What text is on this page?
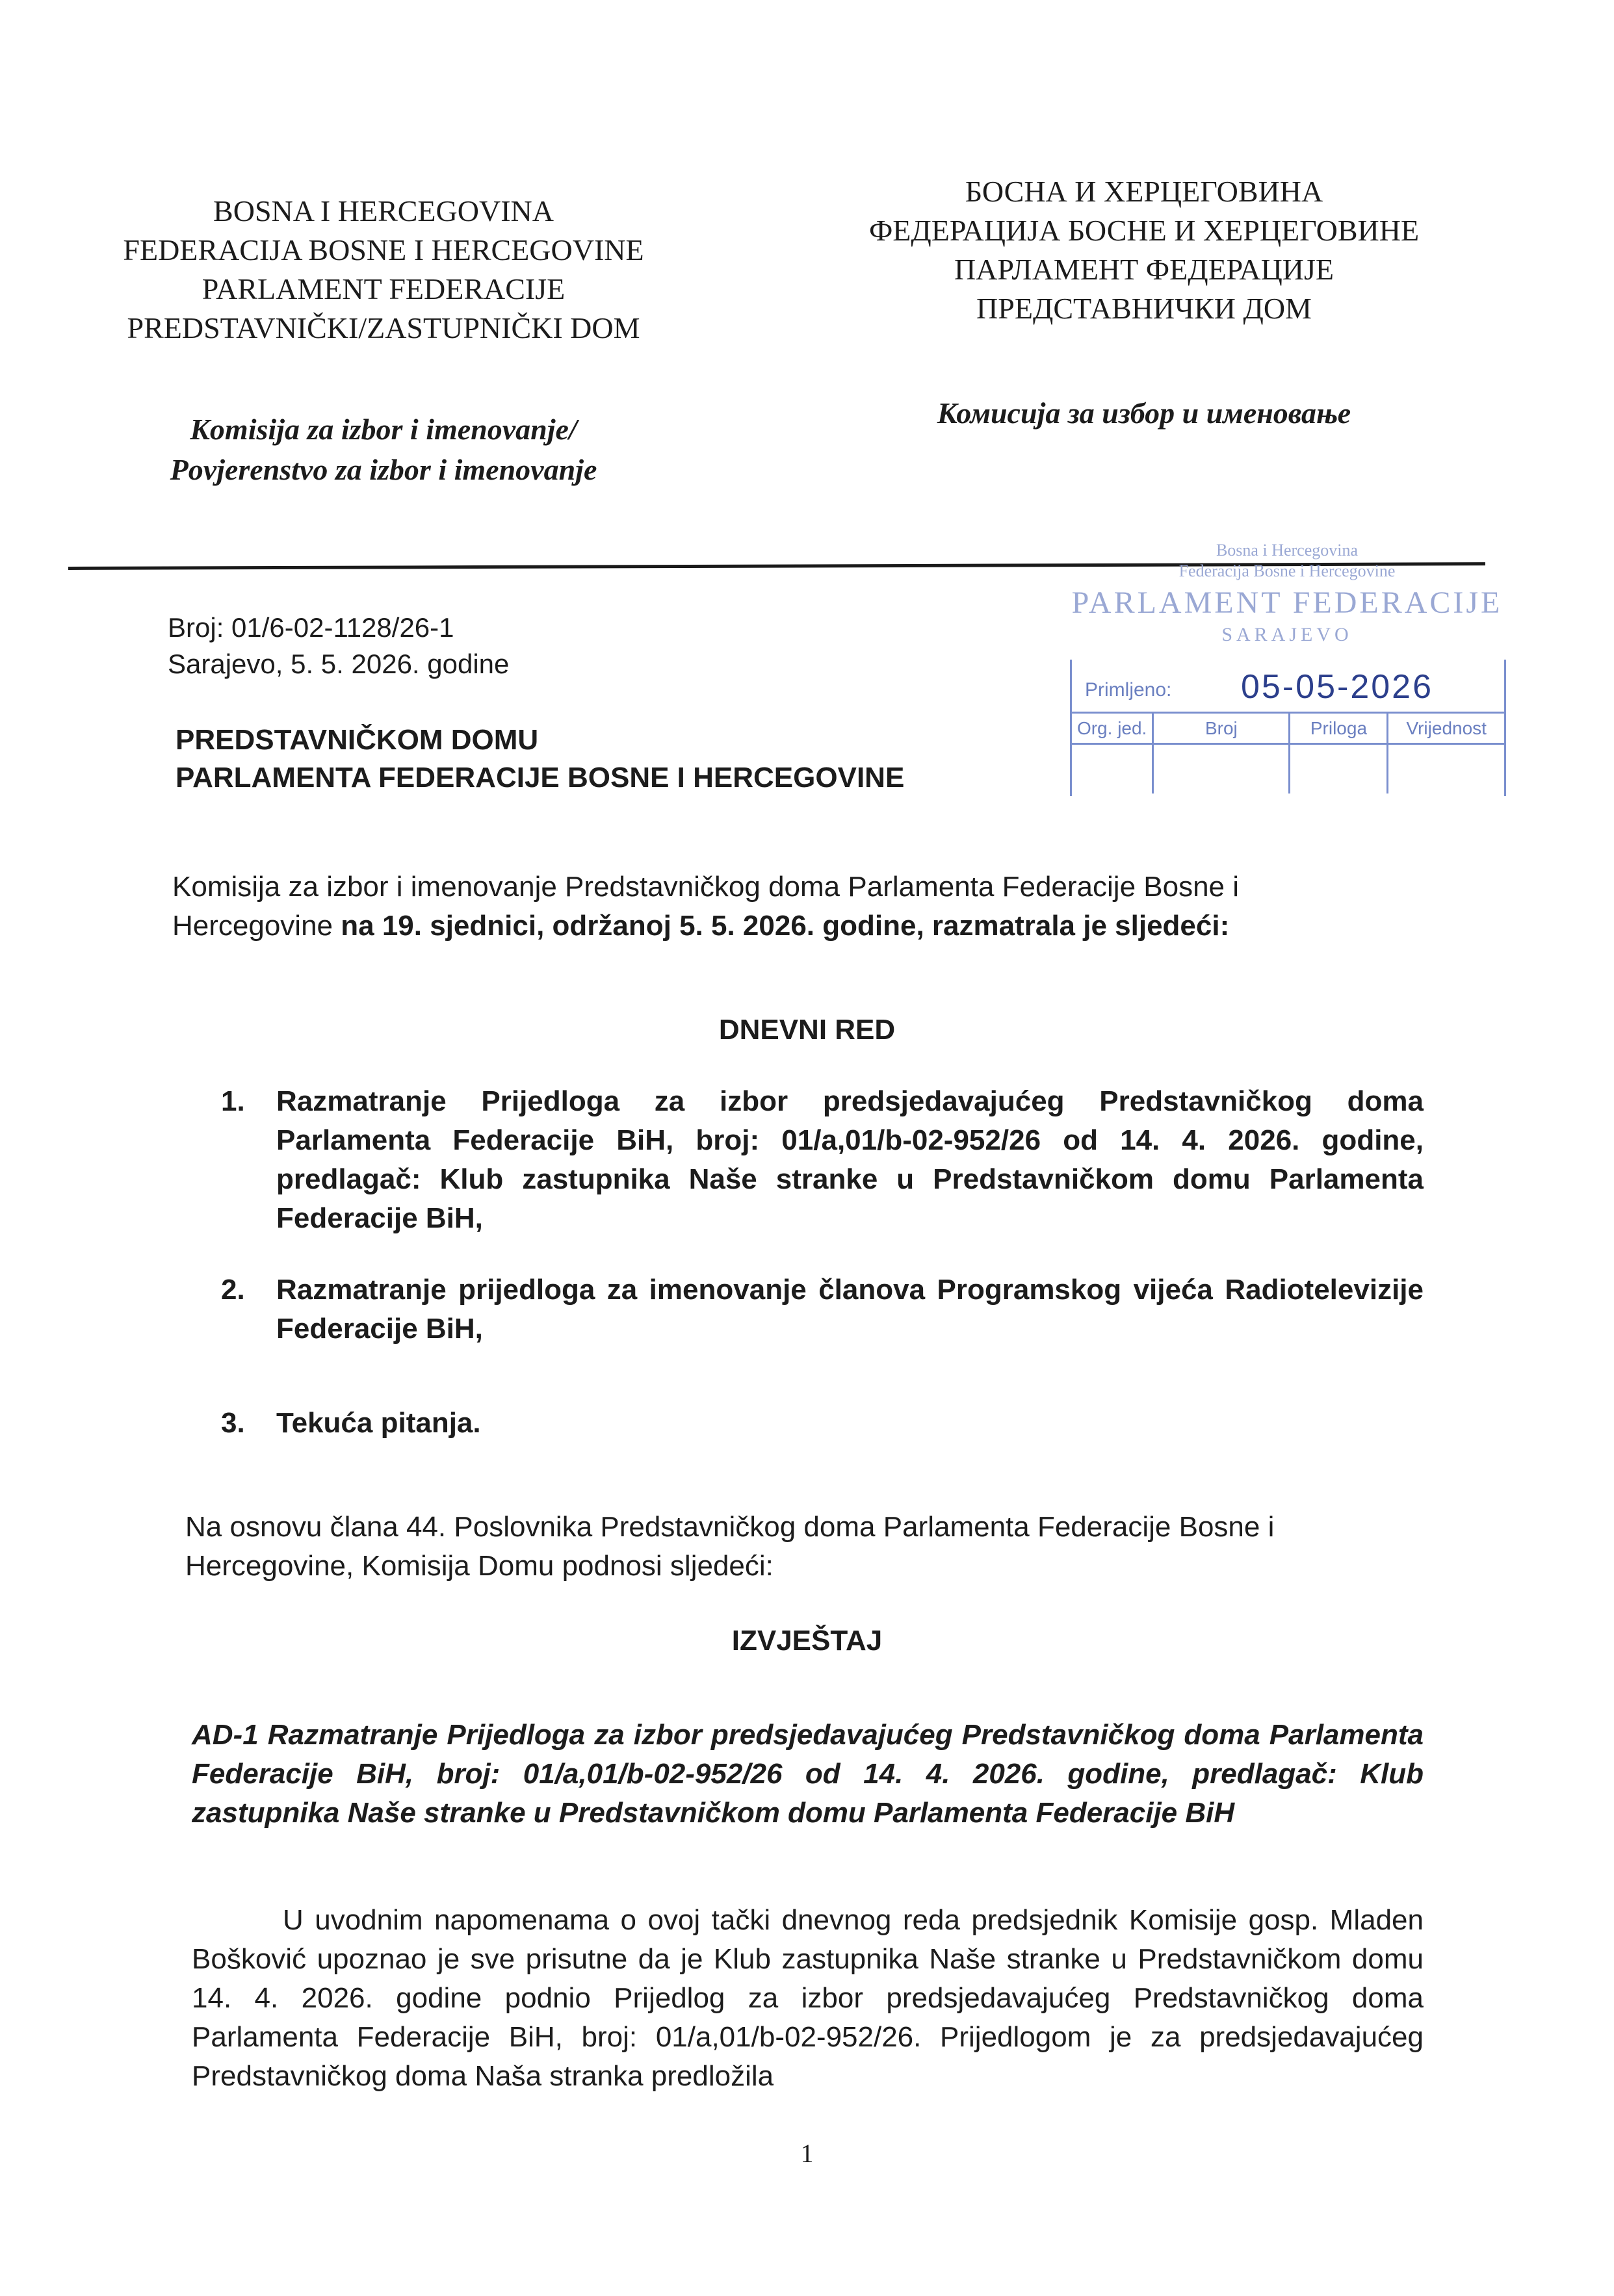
BOSNA I HERCEGOVINA
FEDERACIJA BOSNE I HERCEGOVINE
PARLAMENT FEDERACIJE
PREDSTAVNIČKI/ZASTUPNIČKI DOM
Komisija za izbor i imenovanje/
Povjerenstvo za izbor i imenovanje
БОСНА И ХЕРЦЕГОВИНА
ФЕДЕРАЦИЈА БОСНЕ И ХЕРЦЕГОВИНЕ
ПАРЛАМЕНТ ФЕДЕРАЦИЈЕ
ПРЕДСТАВНИЧКИ ДОМ
Комисија за избор и именовање
Broj: 01/6-02-1128/26-1
Sarajevo, 5. 5. 2026. godine
Bosna i Hercegovina
Federacija Bosne i Hercegovine
PARLAMENT FEDERACIJE
SARAJEVO
Primljeno: 05-05-2026
Org. jed.	Broj	Priloga	Vrijednost
PREDSTAVNIČKOM DOMU
PARLAMENTA FEDERACIJE BOSNE I HERCEGOVINE
Komisija za izbor i imenovanje Predstavničkog doma Parlamenta Federacije Bosne i Hercegovine na 19. sjednici, održanoj 5. 5. 2026. godine, razmatrala je sljedeći:
DNEVNI RED
1. Razmatranje Prijedloga za izbor predsjedavajućeg Predstavničkog doma Parlamenta Federacije BiH, broj: 01/a,01/b-02-952/26 od 14. 4. 2026. godine, predlagač: Klub zastupnika Naše stranke u Predstavničkom domu Parlamenta Federacije BiH,
2. Razmatranje prijedloga za imenovanje članova Programskog vijeća Radiotelevizije Federacije BiH,
3. Tekuća pitanja.
Na osnovu člana 44. Poslovnika Predstavničkog doma Parlamenta Federacije Bosne i Hercegovine, Komisija Domu podnosi sljedeći:
IZVJEŠTAJ
AD-1 Razmatranje Prijedloga za izbor predsjedavajućeg Predstavničkog doma Parlamenta Federacije BiH, broj: 01/a,01/b-02-952/26 od 14. 4. 2026. godine, predlagač: Klub zastupnika Naše stranke u Predstavničkom domu Parlamenta Federacije BiH
U uvodnim napomenama o ovoj tački dnevnog reda predsjednik Komisije gosp. Mladen Bošković upoznao je sve prisutne da je Klub zastupnika Naše stranke u Predstavničkom domu 14. 4. 2026. godine podnio Prijedlog za izbor predsjedavajućeg Predstavničkog doma Parlamenta Federacije BiH, broj: 01/a,01/b-02-952/26. Prijedlogom je za predsjedavajućeg Predstavničkog doma Naša stranka predložila
1
